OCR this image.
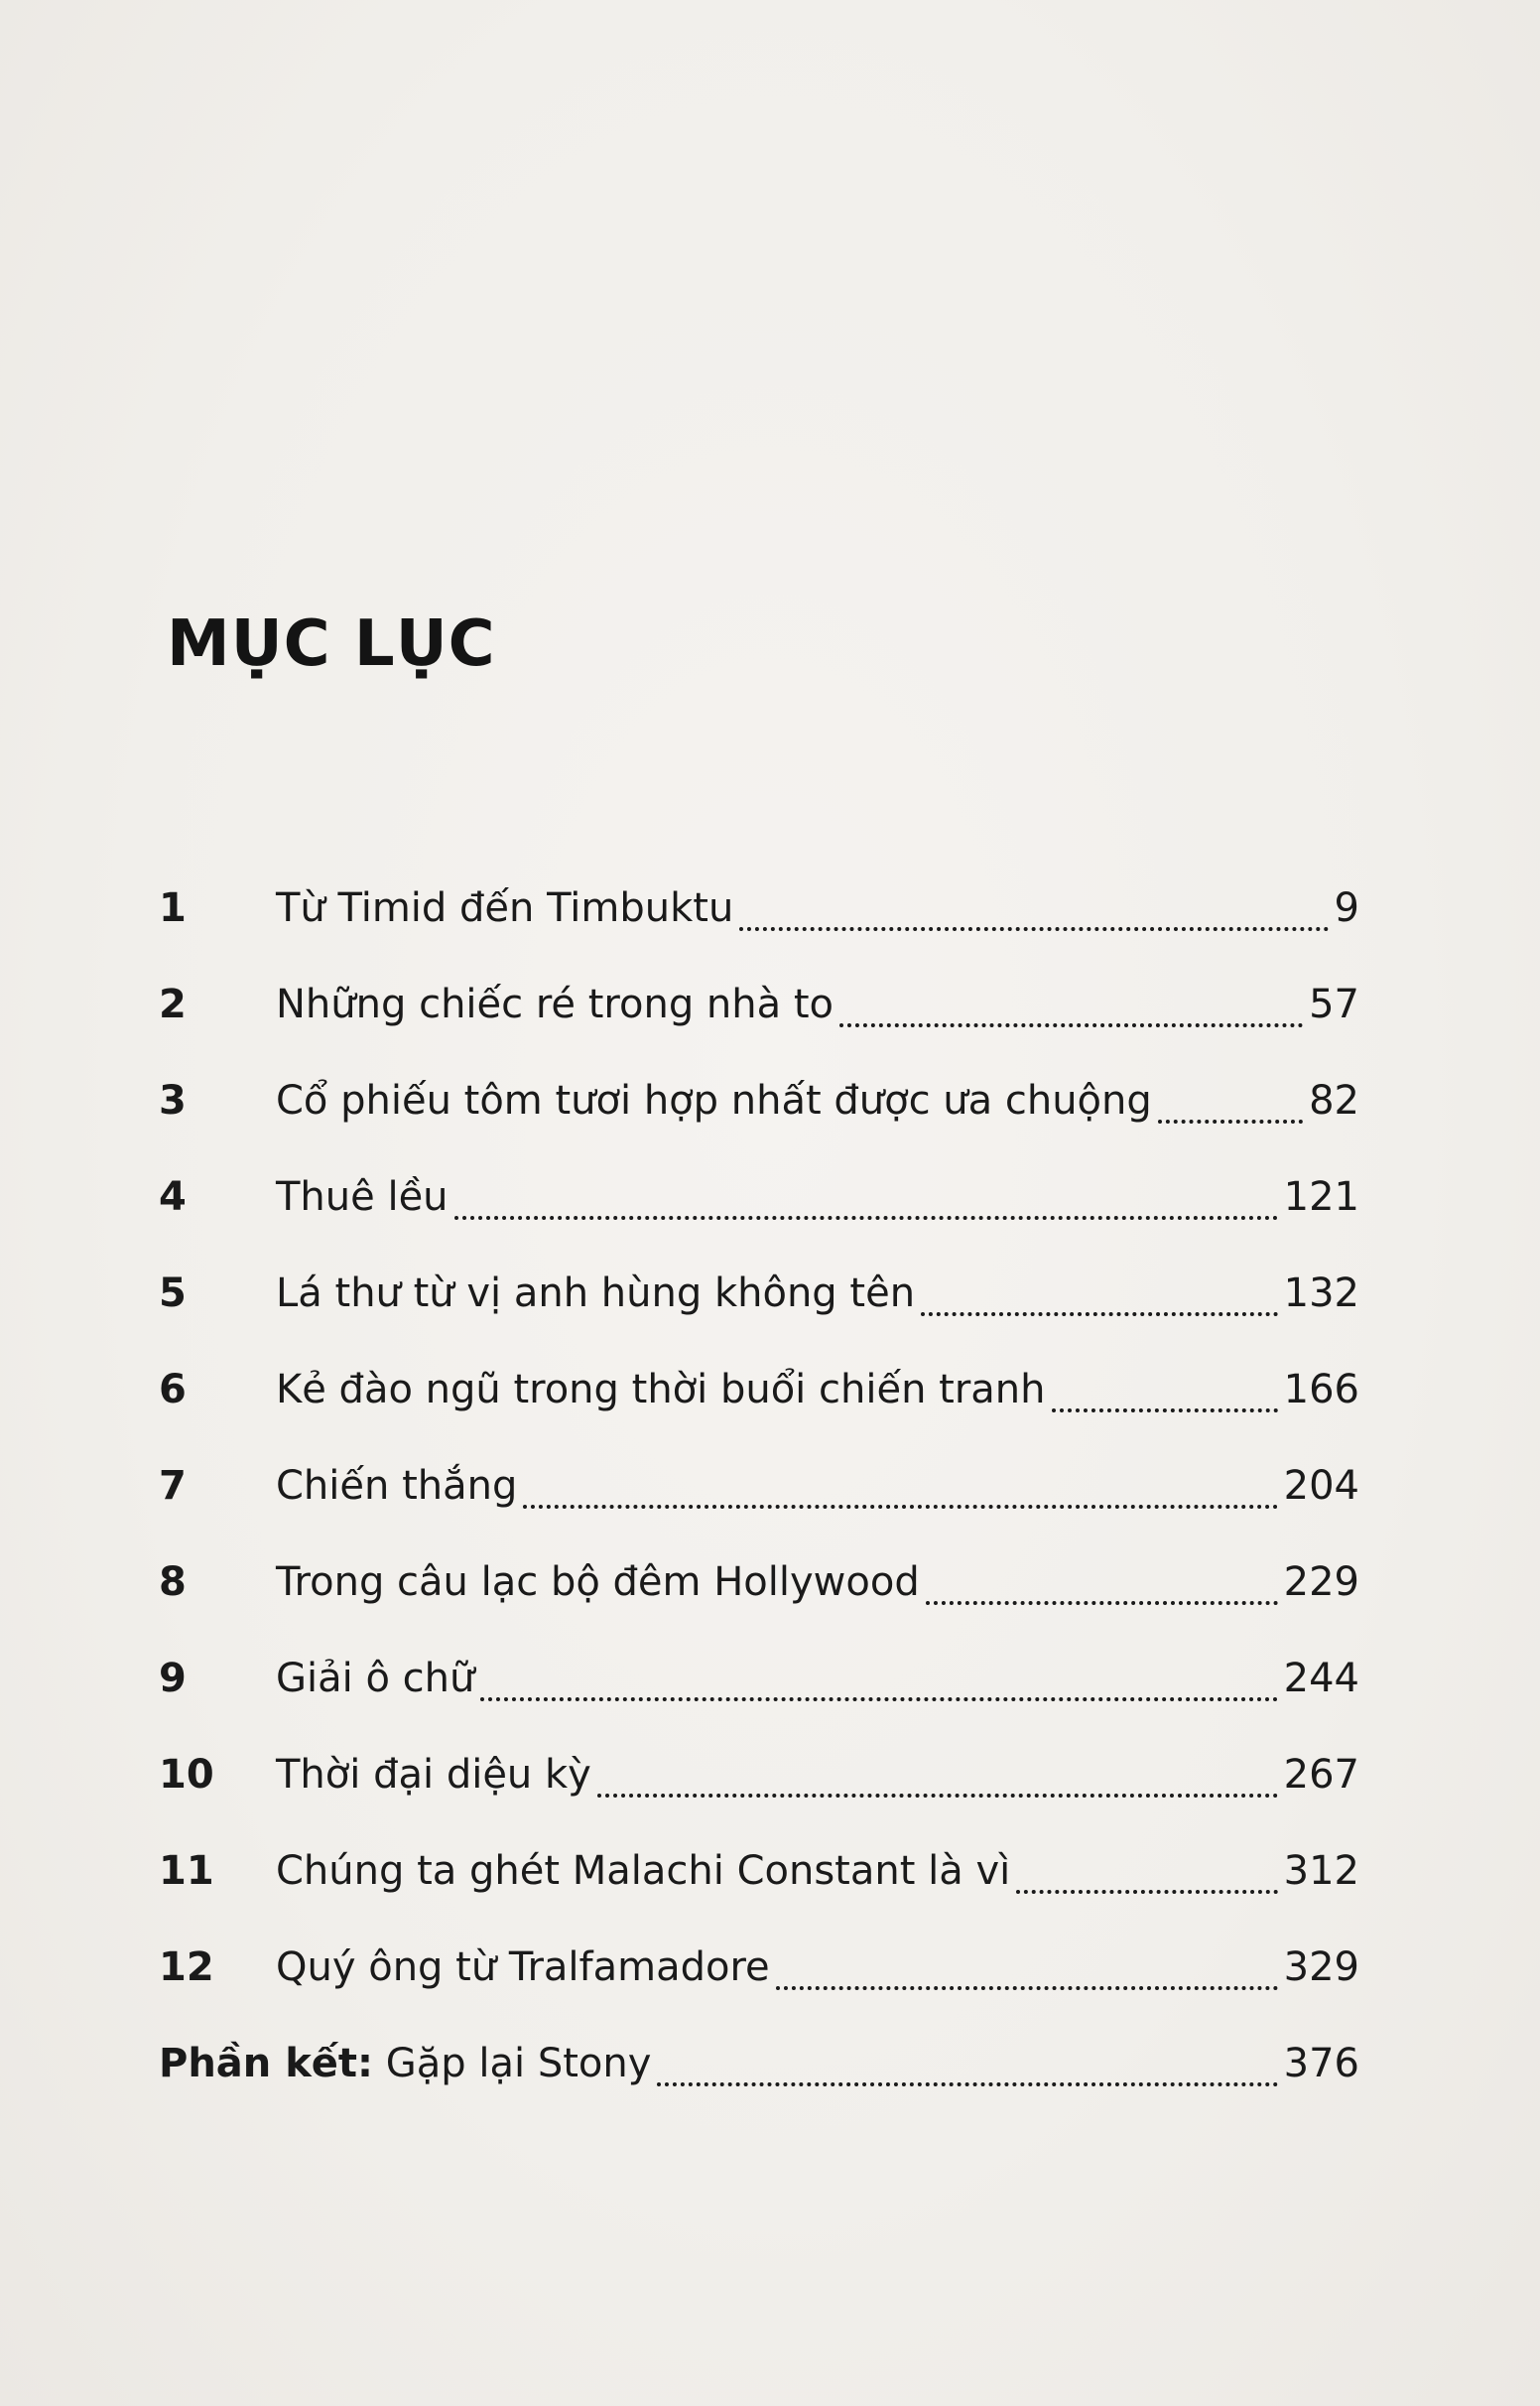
MỤC LỤC
1	Từ Timid đến Timbuktu	9
2	Những chiếc ré trong nhà to	57
3	Cổ phiếu tôm tươi hợp nhất được ưa chuộng	82
4	Thuê lều	121
5	Lá thư từ vị anh hùng không tên	132
6	Kẻ đào ngũ trong thời buổi chiến tranh	166
7	Chiến thắng	204
8	Trong câu lạc bộ đêm Hollywood	229
9	Giải ô chữ	244
10	Thời đại diệu kỳ	267
11	Chúng ta ghét Malachi Constant là vì	312
12	Quý ông từ Tralfamadore	329
Phần kết: Gặp lại Stony	376
